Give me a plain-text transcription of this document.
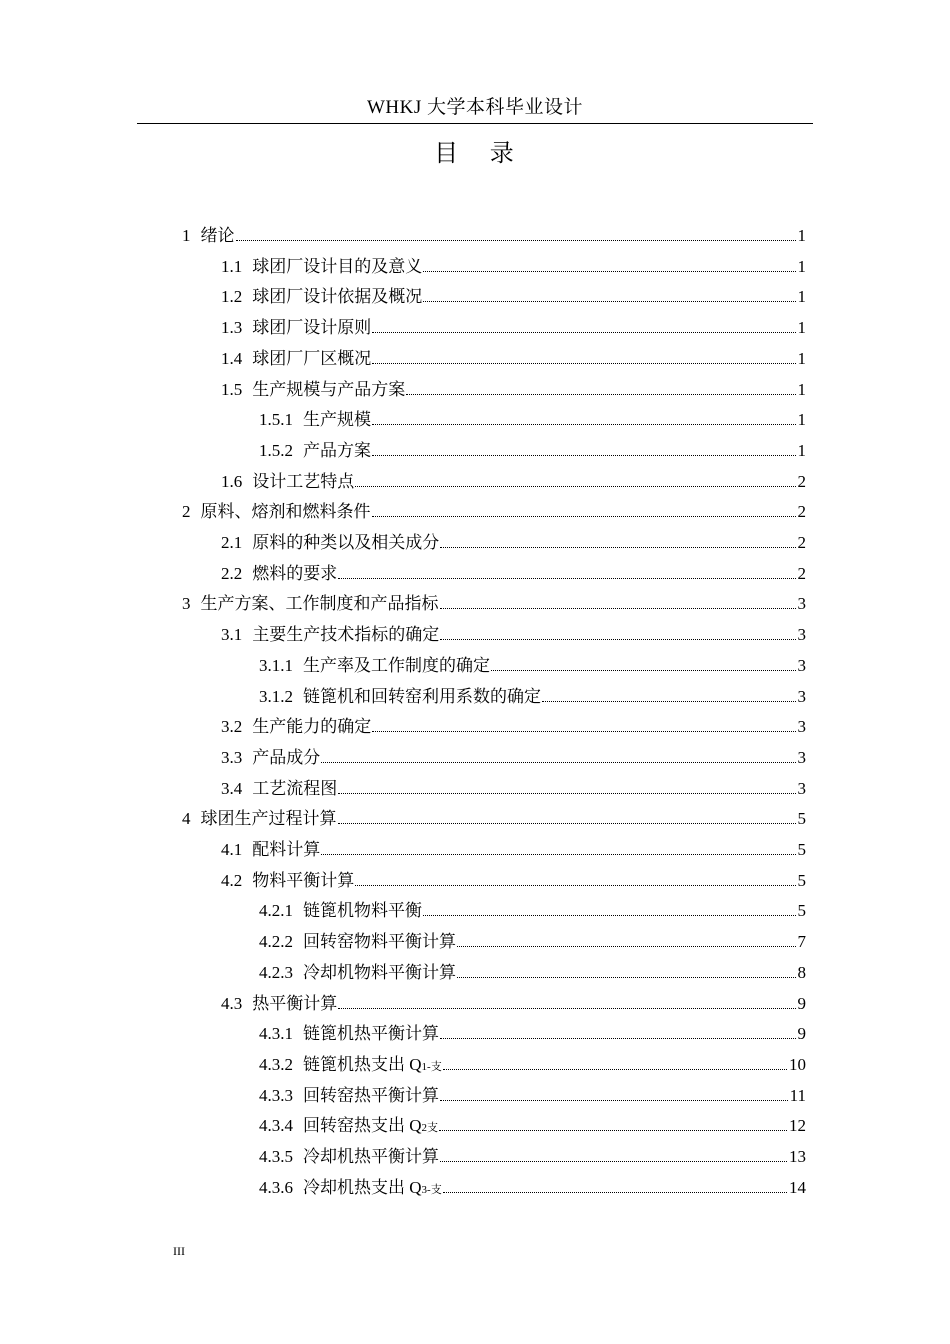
WHKJ 大学本科毕业设计
目 录
1 绪论	1
1.1 球团厂设计目的及意义	1
1.2 球团厂设计依据及概况	1
1.3 球团厂设计原则	1
1.4 球团厂厂区概况	1
1.5 生产规模与产品方案	1
1.5.1 生产规模	1
1.5.2 产品方案	1
1.6 设计工艺特点	2
2 原料、熔剂和燃料条件	2
2.1 原料的种类以及相关成分	2
2.2 燃料的要求	2
3 生产方案、工作制度和产品指标	3
3.1 主要生产技术指标的确定	3
3.1.1 生产率及工作制度的确定	3
3.1.2 链篦机和回转窑利用系数的确定	3
3.2 生产能力的确定	3
3.3 产品成分	3
3.4 工艺流程图	3
4 球团生产过程计算	5
4.1 配料计算	5
4.2 物料平衡计算	5
4.2.1 链篦机物料平衡	5
4.2.2 回转窑物料平衡计算	7
4.2.3 冷却机物料平衡计算	8
4.3 热平衡计算	9
4.3.1 链篦机热平衡计算	9
4.3.2 链篦机热支出 Q 1-支	10
4.3.3 回转窑热平衡计算	11
4.3.4 回转窑热支出 Q 2支	12
4.3.5 冷却机热平衡计算	13
4.3.6 冷却机热支出 Q 3-支	14
III
